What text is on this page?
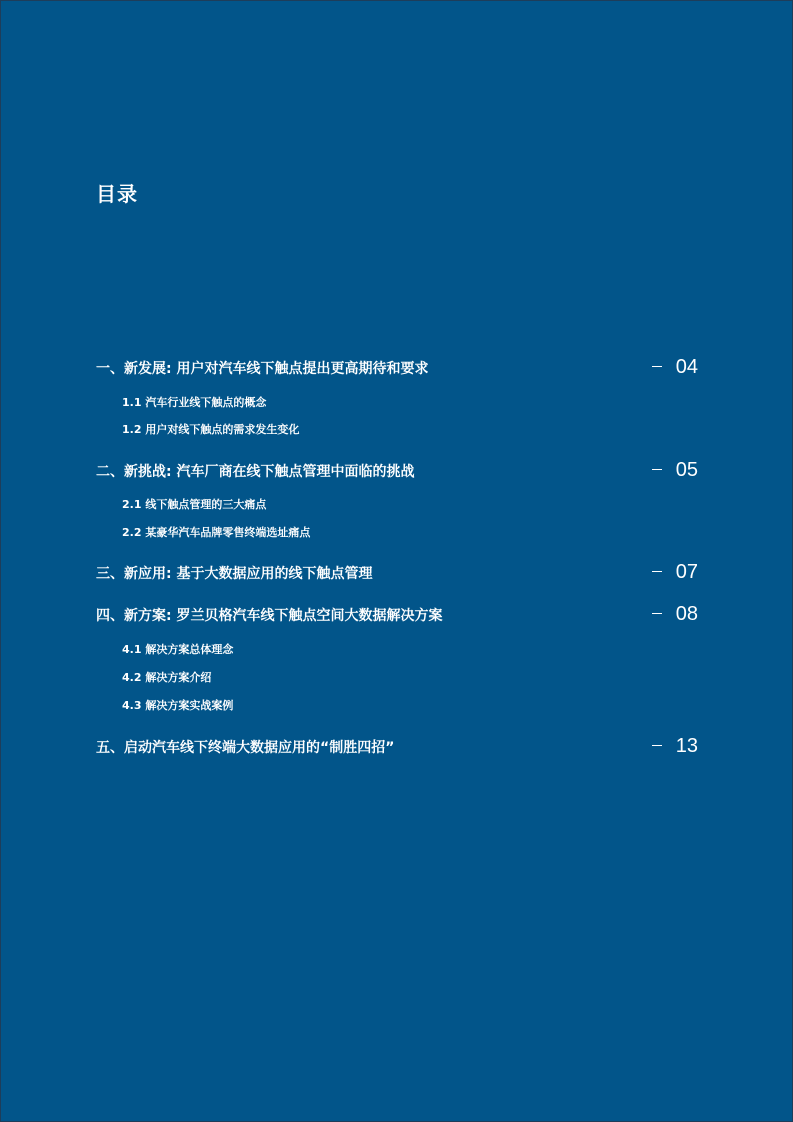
目录
一、新发展: 用户对汽车线下触点提出更高期待和要求	04
1.1 汽车行业线下触点的概念
1.2 用户对线下触点的需求发生变化
二、新挑战: 汽车厂商在线下触点管理中面临的挑战	05
2.1 线下触点管理的三大痛点
2.2 某豪华汽车品牌零售终端选址痛点
三、新应用: 基于大数据应用的线下触点管理	07
四、新方案: 罗兰贝格汽车线下触点空间大数据解决方案	08
4.1 解决方案总体理念
4.2 解决方案介绍
4.3 解决方案实战案例
五、启动汽车线下终端大数据应用的“制胜四招”	13
